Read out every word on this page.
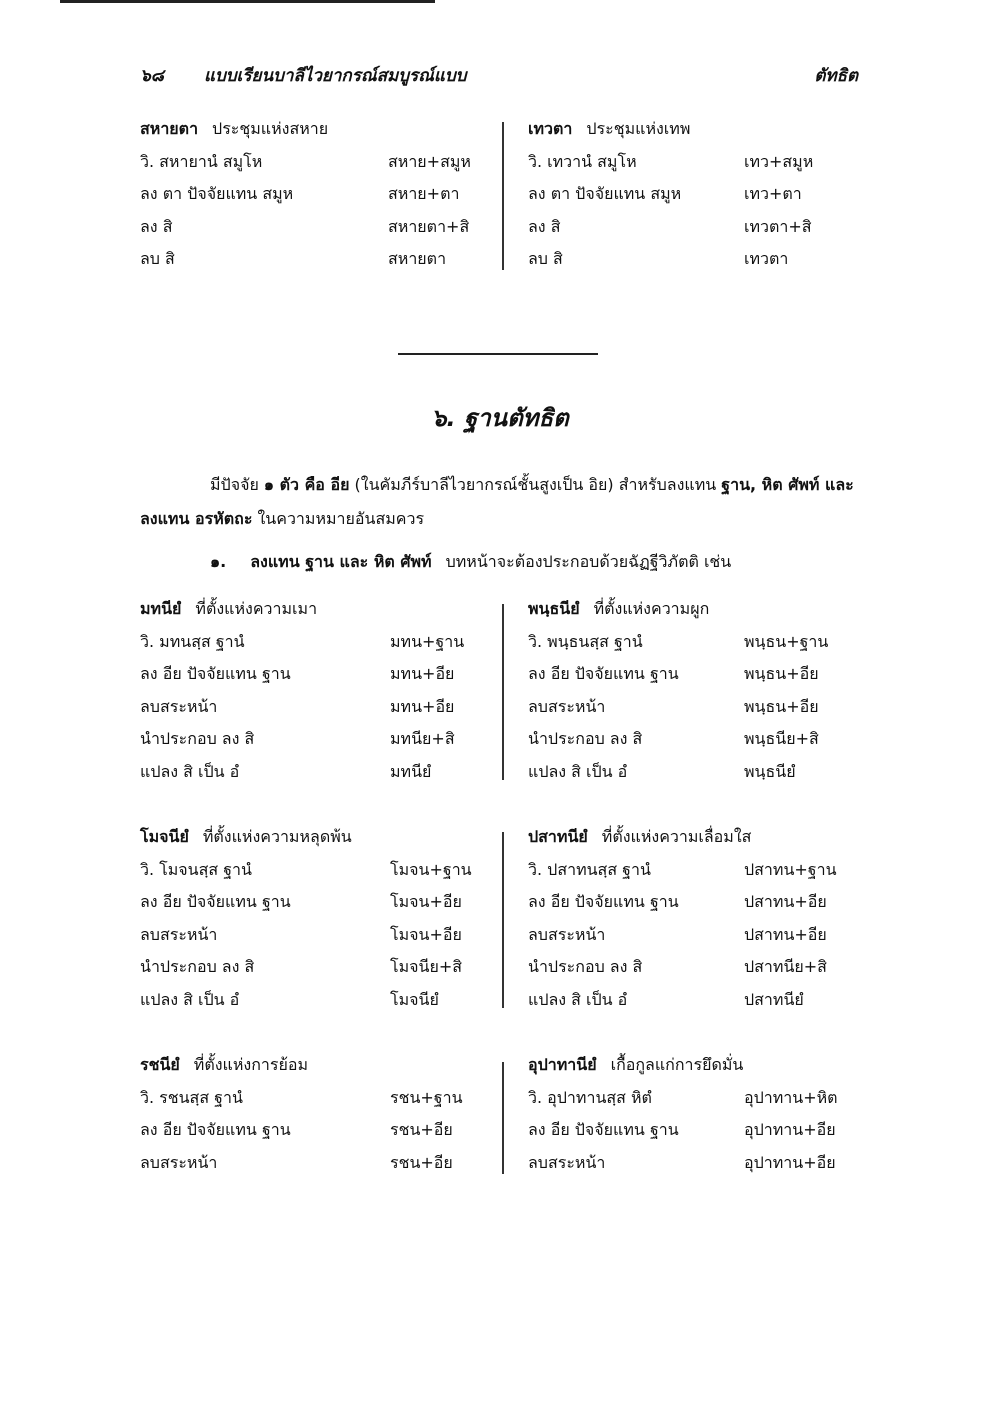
๖๘ แบบเรียนบาลีไวยากรณ์สมบูรณ์แบบ	ตัทธิต
๖. ฐานตัทธิต
มีปัจจัย ๑ ตัว คือ อีย (ในคัมภีร์บาลีไวยากรณ์ชั้นสูงเป็น อิย) สำหรับลงแทน ฐาน, หิต ศัพท์ และ
ลงแทน อรหัตถะ ในความหมายอันสมควร
๑. ลงแทน ฐาน และ หิต ศัพท์ บทหน้าจะต้องประกอบด้วยฉัฏฐีวิภัตติ เช่น
สหายตา ประชุมแห่งสหาย
วิ. สหายานํ สมูโห	สหาย+สมูห
ลง ตา ปัจจัยแทน สมูห	สหาย+ตา
ลง สิ	สหายตา+สิ
ลบ สิ	สหายตา
เทวตา ประชุมแห่งเทพ
วิ. เทวานํ สมูโห	เทว+สมูห
ลง ตา ปัจจัยแทน สมูห	เทว+ตา
ลง สิ	เทวตา+สิ
ลบ สิ	เทวตา
มทนียํ ที่ตั้งแห่งความเมา
วิ. มทนสฺส ฐานํ	มทน+ฐาน
ลง อีย ปัจจัยแทน ฐาน	มทน+อีย
ลบสระหน้า	มทน+อีย
นำประกอบ ลง สิ	มทนีย+สิ
แปลง สิ เป็น อํ	มทนียํ
พนฺธนียํ ที่ตั้งแห่งความผูก
วิ. พนฺธนสฺส ฐานํ	พนฺธน+ฐาน
ลง อีย ปัจจัยแทน ฐาน	พนฺธน+อีย
ลบสระหน้า	พนฺธน+อีย
นำประกอบ ลง สิ	พนฺธนีย+สิ
แปลง สิ เป็น อํ	พนฺธนียํ
โมจนียํ ที่ตั้งแห่งความหลุดพ้น
วิ. โมจนสฺส ฐานํ	โมจน+ฐาน
ลง อีย ปัจจัยแทน ฐาน	โมจน+อีย
ลบสระหน้า	โมจน+อีย
นำประกอบ ลง สิ	โมจนีย+สิ
แปลง สิ เป็น อํ	โมจนียํ
ปสาทนียํ ที่ตั้งแห่งความเลื่อมใส
วิ. ปสาทนสฺส ฐานํ	ปสาทน+ฐาน
ลง อีย ปัจจัยแทน ฐาน	ปสาทน+อีย
ลบสระหน้า	ปสาทน+อีย
นำประกอบ ลง สิ	ปสาทนีย+สิ
แปลง สิ เป็น อํ	ปสาทนียํ
รชนียํ ที่ตั้งแห่งการย้อม
วิ. รชนสฺส ฐานํ	รชน+ฐาน
ลง อีย ปัจจัยแทน ฐาน	รชน+อีย
ลบสระหน้า	รชน+อีย
อุปาทานียํ เกื้อกูลแก่การยึดมั่น
วิ. อุปาทานสฺส หิตํ	อุปาทาน+หิต
ลง อีย ปัจจัยแทน ฐาน	อุปาทาน+อีย
ลบสระหน้า	อุปาทาน+อีย
